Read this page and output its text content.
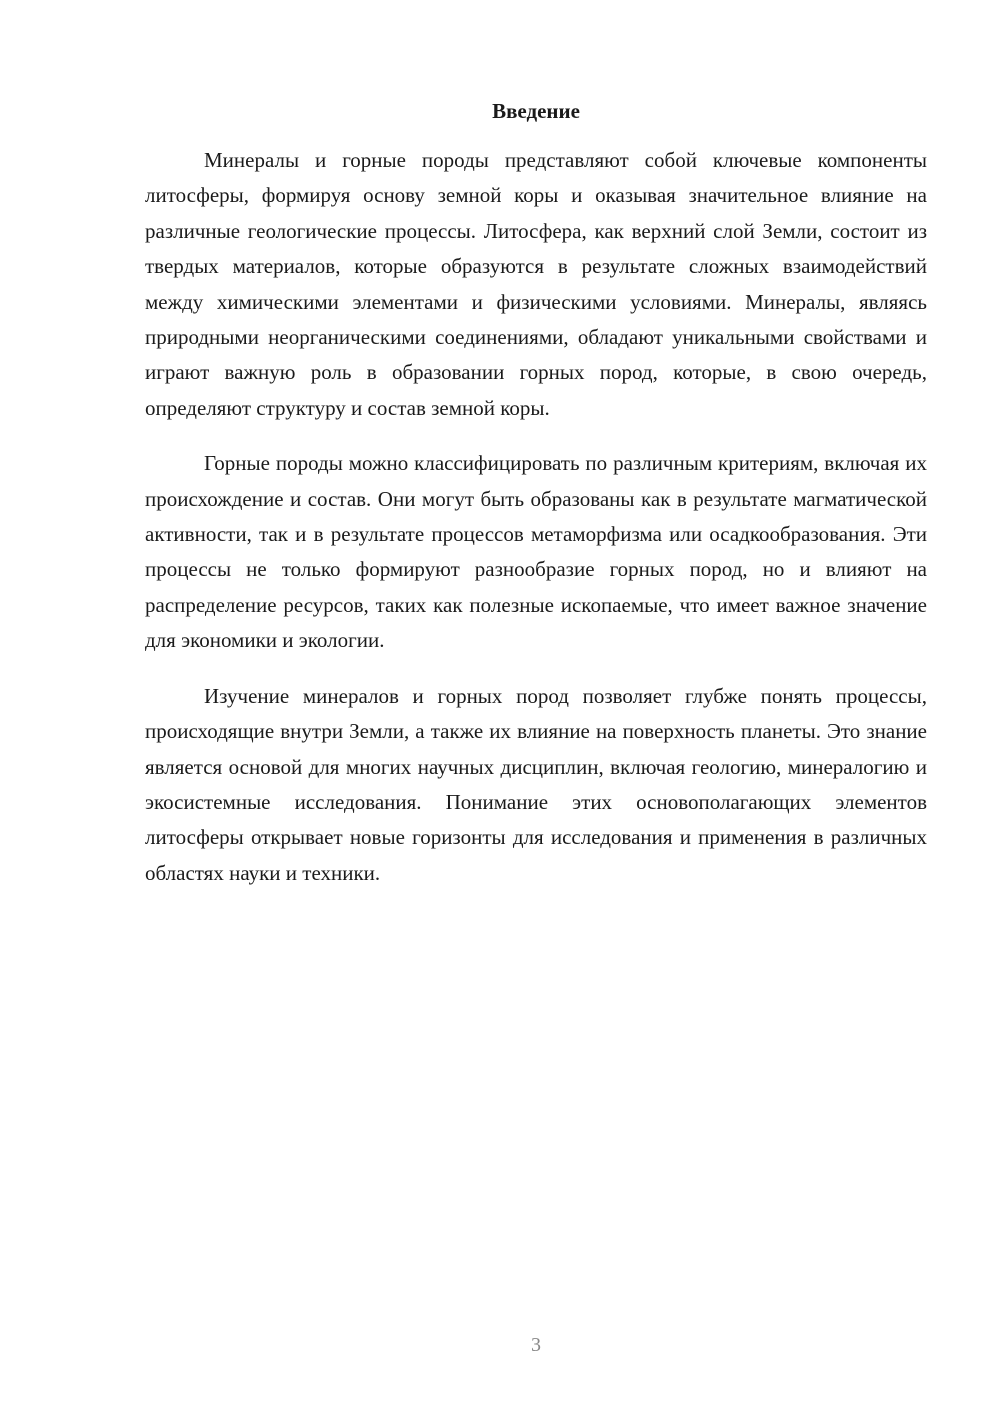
Введение

Минералы и горные породы представляют собой ключевые компоненты литосферы, формируя основу земной коры и оказывая значительное влияние на различные геологические процессы. Литосфера, как верхний слой Земли, состоит из твердых материалов, которые образуются в результате сложных взаимодействий между химическими элементами и физическими условиями. Минералы, являясь природными неорганическими соединениями, обладают уникальными свойствами и играют важную роль в образовании горных пород, которые, в свою очередь, определяют структуру и состав земной коры.

Горные породы можно классифицировать по различным критериям, включая их происхождение и состав. Они могут быть образованы как в результате магматической активности, так и в результате процессов метаморфизма или осадкообразования. Эти процессы не только формируют разнообразие горных пород, но и влияют на распределение ресурсов, таких как полезные ископаемые, что имеет важное значение для экономики и экологии.

Изучение минералов и горных пород позволяет глубже понять процессы, происходящие внутри Земли, а также их влияние на поверхность планеты. Это знание является основой для многих научных дисциплин, включая геологию, минералогию и экосистемные исследования. Понимание этих основополагающих элементов литосферы открывает новые горизонты для исследования и применения в различных областях науки и техники.

3
